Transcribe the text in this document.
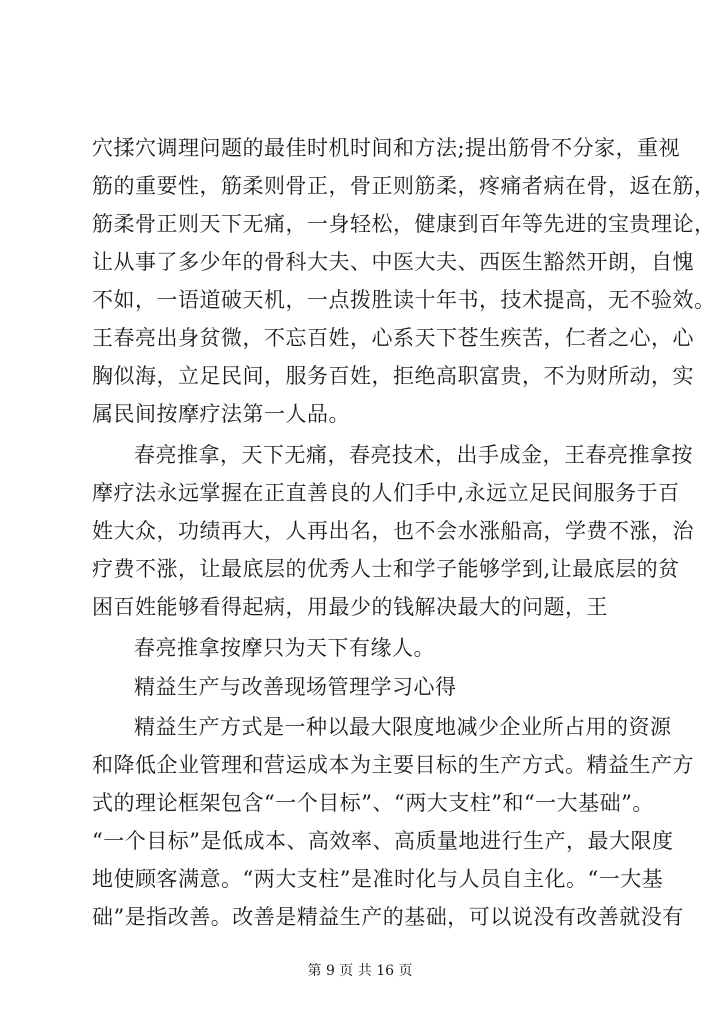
穴揉穴调理问题的最佳时机时间和方法;提出筋骨不分家，重视
筋的重要性，筋柔则骨正，骨正则筋柔，疼痛者病在骨，返在筋，
筋柔骨正则天下无痛，一身轻松，健康到百年等先进的宝贵理论，
让从事了多少年的骨科大夫、中医大夫、西医生豁然开朗，自愧
不如，一语道破天机，一点拨胜读十年书，技术提高，无不验效。
王春亮出身贫微，不忘百姓，心系天下苍生疾苦，仁者之心，心
胸似海，立足民间，服务百姓，拒绝高职富贵，不为财所动，实
属民间按摩疗法第一人品。
春亮推拿，天下无痛，春亮技术，出手成金，王春亮推拿按
摩疗法永远掌握在正直善良的人们手中,永远立足民间服务于百
姓大众，功绩再大，人再出名，也不会水涨船高，学费不涨，治
疗费不涨，让最底层的优秀人士和学子能够学到,让最底层的贫
困百姓能够看得起病，用最少的钱解决最大的问题，王
春亮推拿按摩只为天下有缘人。
精益生产与改善现场管理学习心得
精益生产方式是一种以最大限度地减少企业所占用的资源
和降低企业管理和营运成本为主要目标的生产方式。精益生产方
式的理论框架包含“一个目标”、“两大支柱”和“一大基础”。
“一个目标”是低成本、高效率、高质量地进行生产，最大限度
地使顾客满意。“两大支柱”是准时化与人员自主化。“一大基
础”是指改善。改善是精益生产的基础，可以说没有改善就没有
第 9 页 共 16 页
